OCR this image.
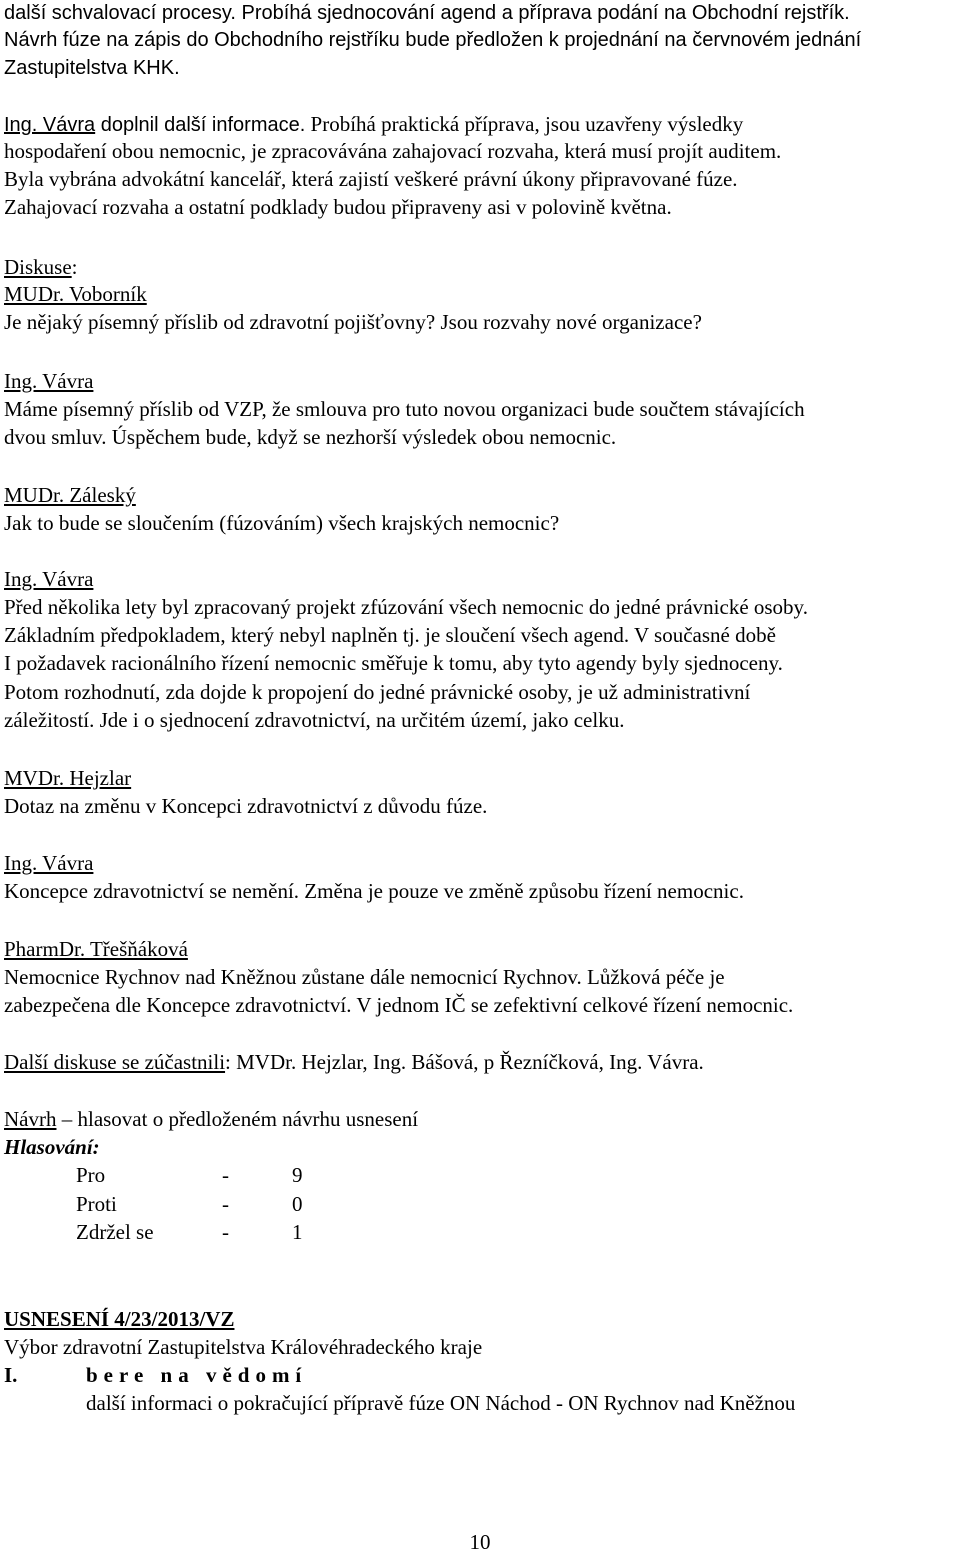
další schvalovací procesy. Probíhá sjednocování agend a příprava podání na Obchodní rejstřík.
Návrh fúze na zápis do Obchodního rejstříku bude předložen k projednání na červnovém jednání
Zastupitelstva KHK.
Ing. Vávra doplnil další informace. Probíhá praktická příprava, jsou uzavřeny výsledky
hospodaření obou nemocnic, je zpracovávána zahajovací rozvaha, která musí projít auditem.
Byla vybrána advokátní kancelář, která zajistí veškeré právní úkony připravované fúze.
Zahajovací rozvaha a ostatní podklady budou připraveny asi v polovině května.
Diskuse:
MUDr. Voborník
Je nějaký písemný příslib od zdravotní pojišťovny? Jsou rozvahy nové organizace?
Ing. Vávra
Máme písemný příslib od VZP, že smlouva pro tuto novou organizaci bude součtem stávajících
dvou smluv. Úspěchem bude, když se nezhorší výsledek obou nemocnic.
MUDr. Záleský
Jak to bude se sloučením (fúzováním) všech krajských nemocnic?
Ing. Vávra
Před několika lety byl zpracovaný projekt zfúzování všech nemocnic do jedné právnické osoby.
Základním předpokladem, který nebyl naplněn tj. je sloučení všech agend. V současné době
I požadavek racionálního řízení nemocnic směřuje k tomu, aby tyto agendy byly sjednoceny.
Potom rozhodnutí, zda dojde k propojení do jedné právnické osoby, je už administrativní
záležitostí. Jde i o sjednocení zdravotnictví, na určitém území, jako celku.
MVDr. Hejzlar
Dotaz na změnu v Koncepci zdravotnictví z důvodu fúze.
Ing. Vávra
Koncepce zdravotnictví se nemění. Změna je pouze ve změně způsobu řízení nemocnic.
PharmDr. Třešňáková
Nemocnice Rychnov nad Kněžnou zůstane dále nemocnicí Rychnov. Lůžková péče je
zabezpečena dle Koncepce zdravotnictví. V jednom IČ se zefektivní celkové řízení nemocnic.
Další diskuse se zúčastnili: MVDr. Hejzlar, Ing. Bášová, p Řezníčková, Ing. Vávra.
Návrh – hlasovat o předloženém návrhu usnesení
Hlasování:
Pro	-	9
Proti	-	0
Zdržel se	-	1
USNESENÍ 4/23/2013/VZ
Výbor zdravotní Zastupitelstva Královéhradeckého kraje
I.	bere na vědomí
další informaci o pokračující přípravě fúze ON Náchod - ON Rychnov nad Kněžnou
10
